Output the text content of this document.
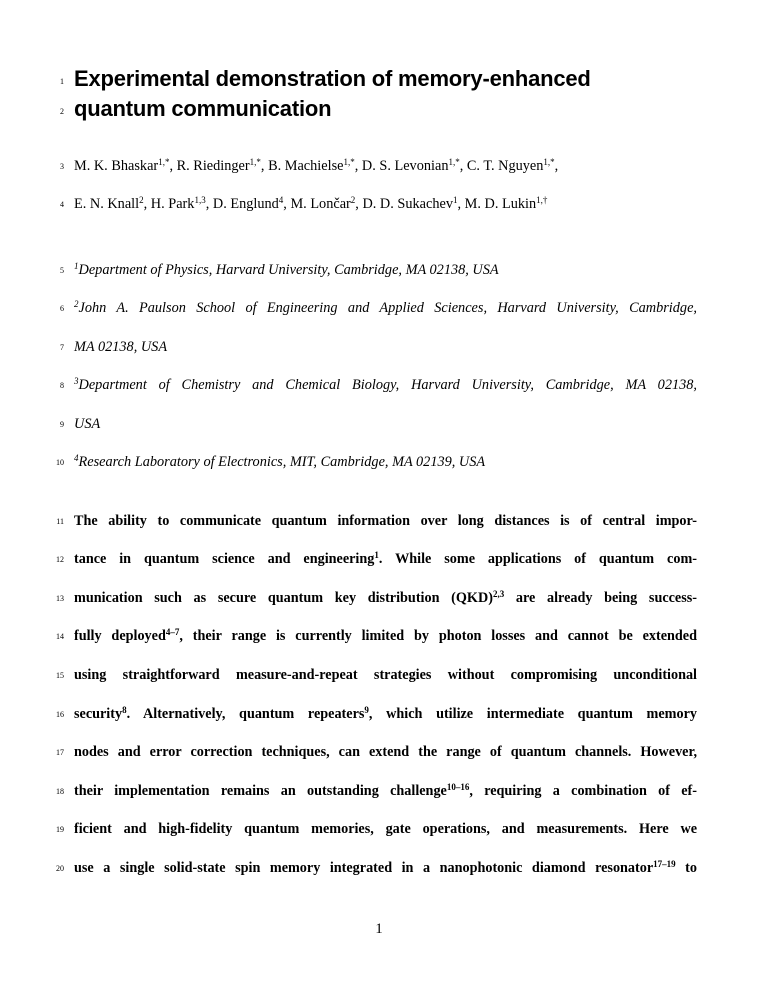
1
2
3
4
5
6
7
8
9
10
11
12
13
14
15
16
17
18
19
20
Experimental demonstration of memory-enhanced
quantum communication
M. K. Bhaskar$^{1,*}$, R. Riedinger$^{1,*}$, B. Machielse$^{1,*}$, D. S. Levonian$^{1,*}$, C. T. Nguyen$^{1,*}$,
E. N. Knall$^2$, H. Park$^{1,3}$, D. Englund$^4$, M. Lončar$^2$, D. D. Sukachev$^1$, M. D. Lukin$^{1,\dagger}$
$^1$Department of Physics, Harvard University, Cambridge, MA 02138, USA
$^2$John A. Paulson School of Engineering and Applied Sciences, Harvard University, Cambridge,
MA 02138, USA
$^3$Department of Chemistry and Chemical Biology, Harvard University, Cambridge, MA 02138,
USA
$^4$Research Laboratory of Electronics, MIT, Cambridge, MA 02139, USA
The ability to communicate quantum information over long distances is of central impor-
tance in quantum science and engineering$^1$. While some applications of quantum com-
munication such as secure quantum key distribution (QKD)$^{2,3}$ are already being success-
fully deployed$^{4-7}$, their range is currently limited by photon losses and cannot be extended
using straightforward measure-and-repeat strategies without compromising unconditional
security$^8$. Alternatively, quantum repeaters$^9$, which utilize intermediate quantum memory
nodes and error correction techniques, can extend the range of quantum channels. However,
their implementation remains an outstanding challenge$^{10-16}$, requiring a combination of ef-
ficient and high-fidelity quantum memories, gate operations, and measurements. Here we
use a single solid-state spin memory integrated in a nanophotonic diamond resonator$^{17-19}$ to
1
